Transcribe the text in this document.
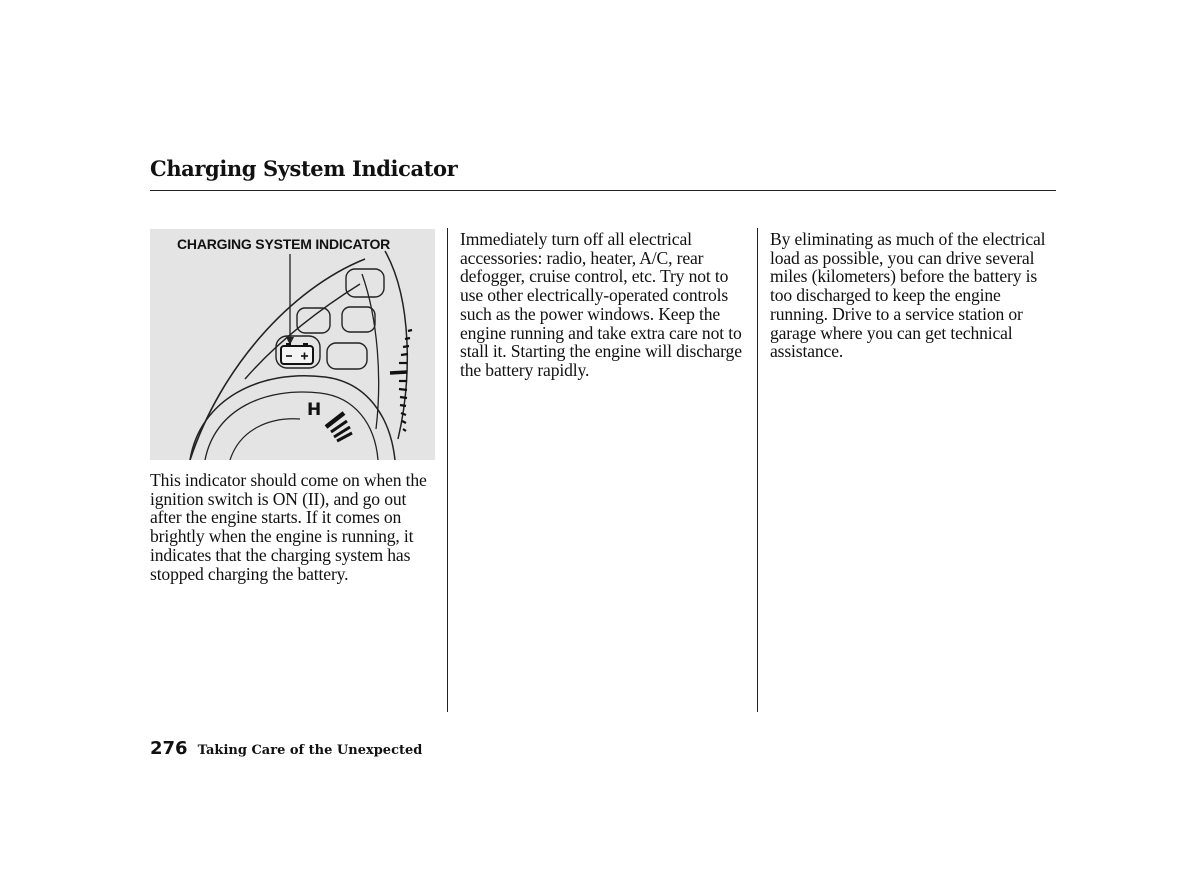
Charging System Indicator
H

CHARGING SYSTEM INDICATOR

This indicator should come on when the ignition switch is ON (II), and go out after the engine starts. If it comes on brightly when the engine is running, it indicates that the charging system has stopped charging the battery.

Immediately turn off all electrical accessories: radio, heater, A/C, rear defogger, cruise control, etc. Try not to use other electrically-operated controls such as the power windows. Keep the engine running and take extra care not to stall it. Starting the engine will discharge the battery rapidly.

By eliminating as much of the electrical load as possible, you can drive several miles (kilometers) before the battery is too discharged to keep the engine running. Drive to a service station or garage where you can get technical assistance.

276 Taking Care of the Unexpected
